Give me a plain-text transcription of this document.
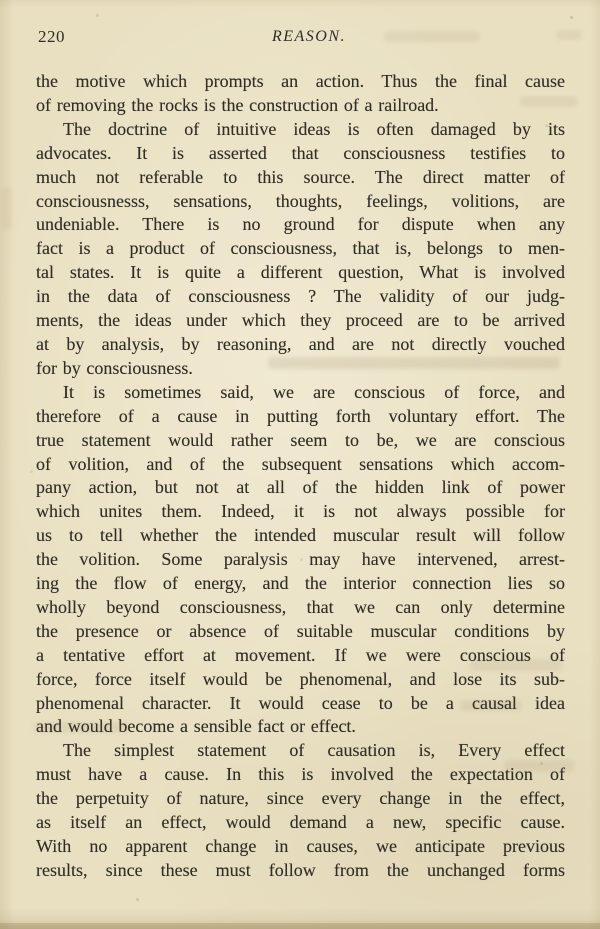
220	REASON.
the motive which prompts an action. Thus the final cause
of removing the rocks is the construction of a railroad.
The doctrine of intuitive ideas is often damaged by its
advocates. It is asserted that consciousness testifies to
much not referable to this source. The direct matter of
consciousnesss, sensations, thoughts, feelings, volitions, are
undeniable. There is no ground for dispute when any
fact is a product of consciousness, that is, belongs to men-
tal states. It is quite a different question, What is involved
in the data of consciousness ? The validity of our judg-
ments, the ideas under which they proceed are to be arrived
at by analysis, by reasoning, and are not directly vouched
for by consciousness.
It is sometimes said, we are conscious of force, and
therefore of a cause in putting forth voluntary effort. The
true statement would rather seem to be, we are conscious
of volition, and of the subsequent sensations which accom-
pany action, but not at all of the hidden link of power
which unites them. Indeed, it is not always possible for
us to tell whether the intended muscular result will follow
the volition. Some paralysis may have intervened, arrest-
ing the flow of energy, and the interior connection lies so
wholly beyond consciousness, that we can only determine
the presence or absence of suitable muscular conditions by
a tentative effort at movement. If we were conscious of
force, force itself would be phenomenal, and lose its sub-
phenomenal character. It would cease to be a causal idea
and would become a sensible fact or effect.
The simplest statement of causation is, Every effect
must have a cause. In this is involved the expectation of
the perpetuity of nature, since every change in the effect,
as itself an effect, would demand a new, specific cause.
With no apparent change in causes, we anticipate previous
results, since these must follow from the unchanged forms
